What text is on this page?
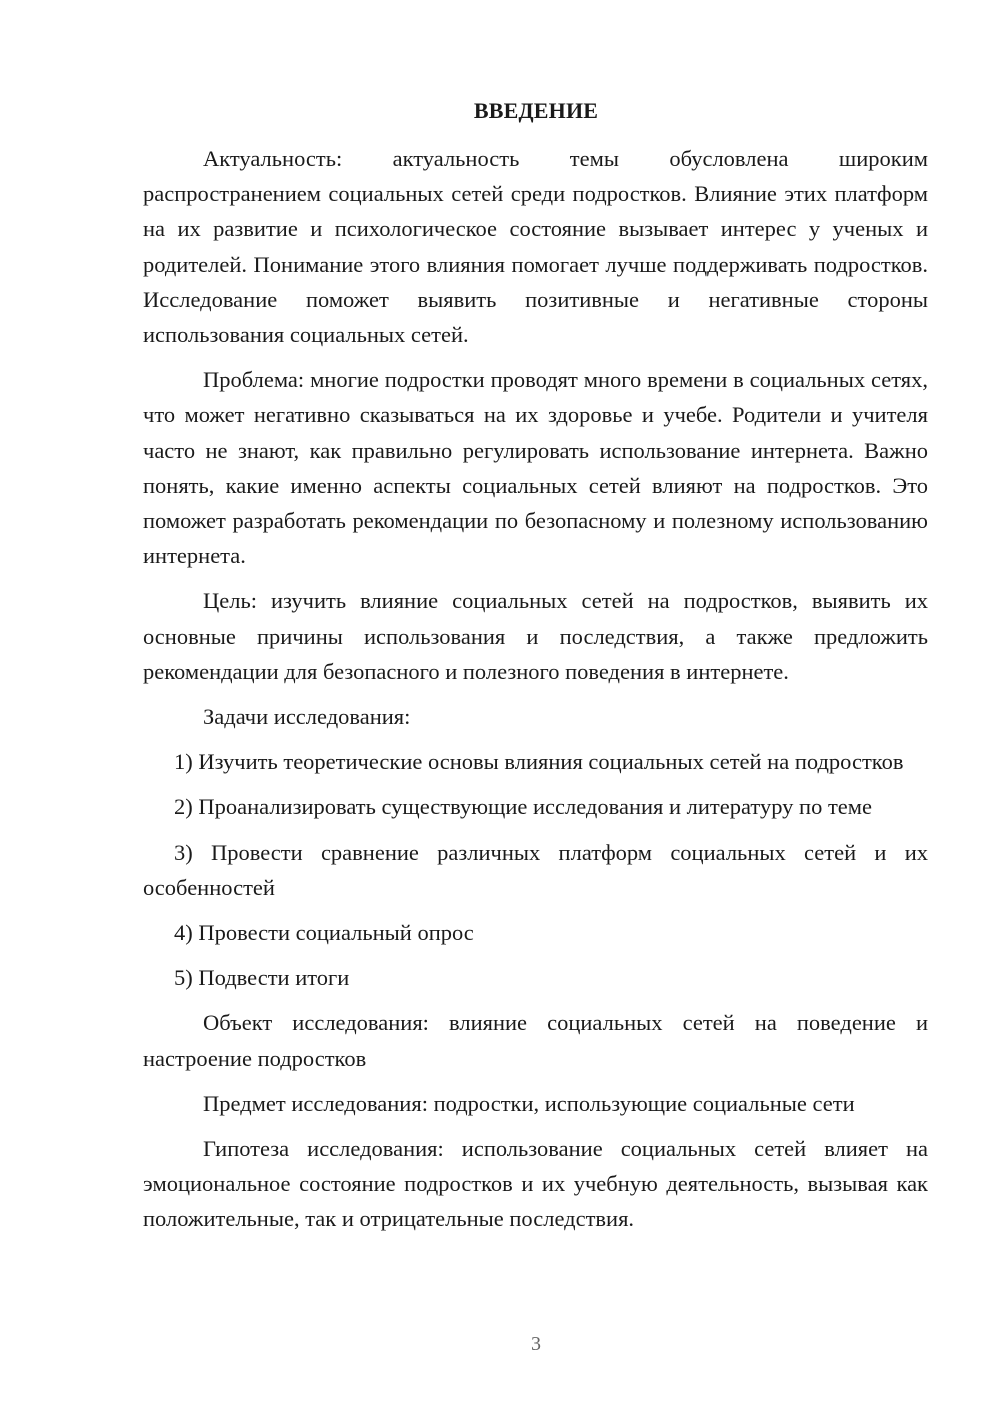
ВВЕДЕНИЕ

Актуальность: актуальность темы обусловлена широким распространением социальных сетей среди подростков. Влияние этих платформ на их развитие и психологическое состояние вызывает интерес у ученых и родителей. Понимание этого влияния помогает лучше поддерживать подростков. Исследование поможет выявить позитивные и негативные стороны использования социальных сетей.

Проблема: многие подростки проводят много времени в социальных сетях, что может негативно сказываться на их здоровье и учебе. Родители и учителя часто не знают, как правильно регулировать использование интернета. Важно понять, какие именно аспекты социальных сетей влияют на подростков. Это поможет разработать рекомендации по безопасному и полезному использованию интернета.

Цель: изучить влияние социальных сетей на подростков, выявить их основные причины использования и последствия, а также предложить рекомендации для безопасного и полезного поведения в интернете.

Задачи исследования:

1) Изучить теоретические основы влияния социальных сетей на подростков

2) Проанализировать существующие исследования и литературу по теме

3) Провести сравнение различных платформ социальных сетей и их особенностей

4) Провести социальный опрос

5) Подвести итоги

Объект исследования: влияние социальных сетей на поведение и настроение подростков

Предмет исследования: подростки, использующие социальные сети

Гипотеза исследования: использование социальных сетей влияет на эмоциональное состояние подростков и их учебную деятельность, вызывая как положительные, так и отрицательные последствия.

3
